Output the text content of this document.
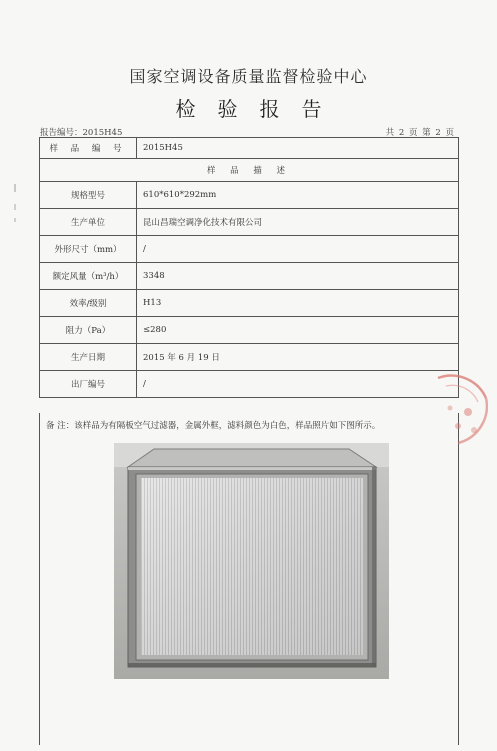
国家空调设备质量监督检验中心
检验报告
报告编号：2015H45	共 2 页 第 2 页
样 品 编 号	2015H45
样 品 描 述	
规格型号	610*610*292mm
生产单位	昆山昌瑞空调净化技术有限公司
外形尺寸（mm）	/
额定风量（m³/h）	3348
效率/级别	H13
阻力（Pa）	≤280
生产日期	2015 年 6 月 19 日
出厂编号	/
备 注：该样品为有隔板空气过滤器，金属外框，滤料颜色为白色，样品照片如下图所示。
